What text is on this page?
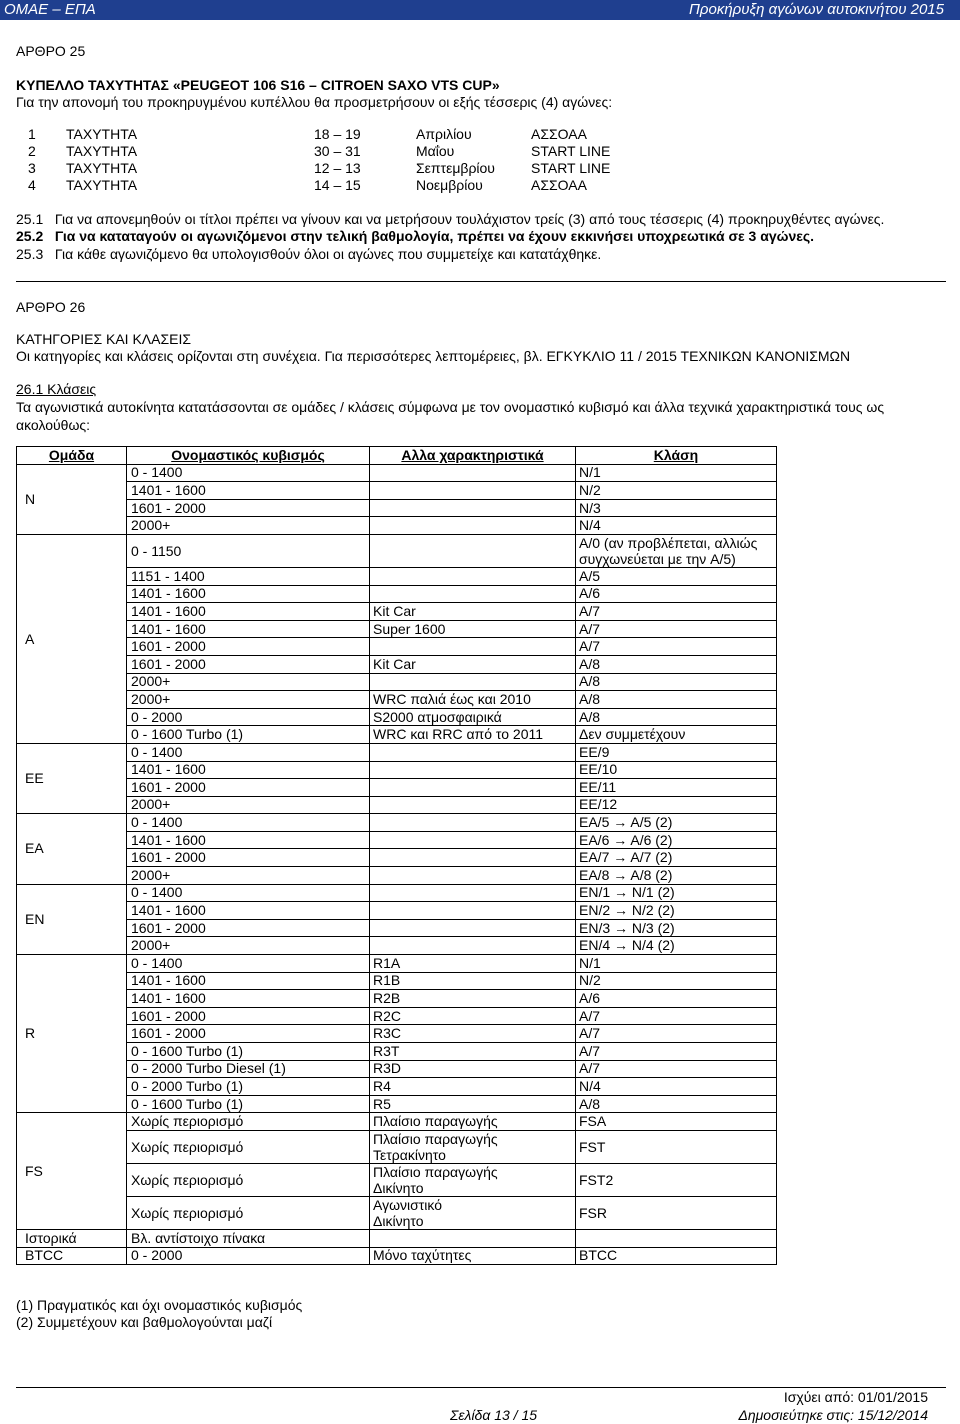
ΟΜΑΕ – ΕΠΑ	Προκήρυξη αγώνων αυτοκινήτου 2015
ΑΡΘΡΟ 25
ΚΥΠΕΛΛΟ ΤΑΧΥΤΗΤΑΣ «PEUGEOT 106 S16 – CITROEN SAXO VTS CUP»
Για την απονομή του προκηρυγμένου κυπέλλου θα προσμετρήσουν οι εξής τέσσερις (4) αγώνες:
1 ΤΑΧΥΤΗΤΑ	18 – 19	Απριλίου	ΑΣΣΟΑΑ
2 ΤΑΧΥΤΗΤΑ	30 – 31	Μαΐου	START LINE
3 ΤΑΧΥΤΗΤΑ	12 – 13	Σεπτεμβρίου	START LINE
4 ΤΑΧΥΤΗΤΑ	14 – 15	Νοεμβρίου	ΑΣΣΟΑΑ
25.1 Για να απονεμηθούν οι τίτλοι πρέπει να γίνουν και να μετρήσουν τουλάχιστον τρείς (3) από τους τέσσερις (4) προκηρυχθέντες αγώνες.
25.2 Για να καταταγούν οι αγωνιζόμενοι στην τελική βαθμολογία, πρέπει να έχουν εκκινήσει υποχρεωτικά σε 3 αγώνες.
25.3 Για κάθε αγωνιζόμενο θα υπολογισθούν όλοι οι αγώνες που συμμετείχε και κατατάχθηκε.
ΑΡΘΡΟ 26
ΚΑΤΗΓΟΡΙΕΣ ΚΑΙ ΚΛΑΣΕΙΣ
Οι κατηγορίες και κλάσεις ορίζονται στη συνέχεια. Για περισσότερες λεπτομέρειες, βλ. ΕΓΚΥΚΛΙΟ 11 / 2015 ΤΕΧΝΙΚΩΝ ΚΑΝΟΝΙΣΜΩΝ
26.1 Κλάσεις
Τα αγωνιστικά αυτοκίνητα κατατάσσονται σε ομάδες / κλάσεις σύμφωνα με τον ονομαστικό κυβισμό και άλλα τεχνικά χαρακτηριστικά τους ως ακολούθως:
Ομάδα	Ονομαστικός κυβισμός	Αλλα χαρακτηριστικά	Κλάση
N	0 - 1400		N/1
	1401 - 1600		N/2
	1601 - 2000		N/3
	2000+		N/4
A	0 - 1150		A/0 (αν προβλέπεται, αλλιώς
συγχωνεύεται με την A/5)
	1151 - 1400		A/5
	1401 - 1600		A/6
	1401 - 1600	Kit Car	A/7
	1401 - 1600	Super 1600	A/7
	1601 - 2000		A/7
	1601 - 2000	Kit Car	A/8
	2000+		A/8
	2000+	WRC παλιά έως και 2010	A/8
	0 - 2000	S2000 ατμοσφαιρικά	A/8
	0 - 1600 Turbo (1)	WRC και RRC από το 2011	Δεν συμμετέχουν
EE	0 - 1400		EE/9
	1401 - 1600		EE/10
	1601 - 2000		EE/11
	2000+		EE/12
EA	0 - 1400		EA/5 → A/5 (2)
	1401 - 1600		EA/6 → A/6 (2)
	1601 - 2000		EA/7 → A/7 (2)
	2000+		EA/8 → A/8 (2)
EN	0 - 1400		EN/1 → N/1 (2)
	1401 - 1600		EN/2 → N/2 (2)
	1601 - 2000		EN/3 → N/3 (2)
	2000+		EN/4 → N/4 (2)
R	0 - 1400	R1A	N/1
	1401 - 1600	R1B	N/2
	1401 - 1600	R2B	A/6
	1601 - 2000	R2C	A/7
	1601 - 2000	R3C	A/7
	0 - 1600 Turbo (1)	R3T	A/7
	0 - 2000 Turbo Diesel (1)	R3D	A/7
	0 - 2000 Turbo (1)	R4	N/4
	0 - 1600 Turbo (1)	R5	A/8
FS	Χωρίς περιορισμό	Πλαίσιο παραγωγής	FSA
	Χωρίς περιορισμό	Πλαίσιο παραγωγής
Τετρακίνητο	FST
	Χωρίς περιορισμό	Πλαίσιο παραγωγής
Δικίνητο	FST2
	Χωρίς περιορισμό	Αγωνιστικό
Δικίνητο	FSR
Ιστορικά	Βλ. αντίστοιχο πίνακα		
BTCC	0 - 2000	Μόνο ταχύτητες	BTCC
(1) Πραγματικός και όχι ονομαστικός κυβισμός
(2) Συμμετέχουν και βαθμολογούνται μαζί
Ισχύει από: 01/01/2015
Σελίδα 13 / 15	Δημοσιεύτηκε στις: 15/12/2014
